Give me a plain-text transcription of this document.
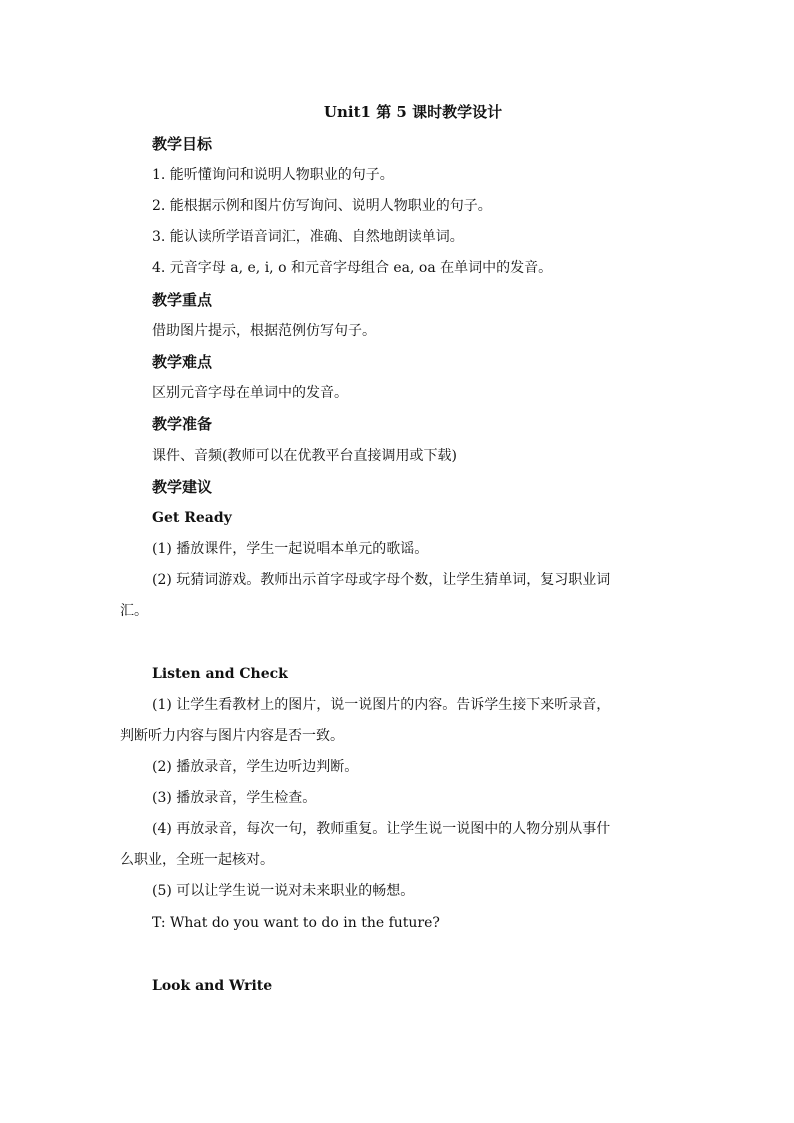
Unit1 第 5 课时教学设计
教学目标
1. 能听懂询问和说明人物职业的句子。
2. 能根据示例和图片仿写询问、说明人物职业的句子。
3. 能认读所学语音词汇，准确、自然地朗读单词。
4. 元音字母 a, e, i, o 和元音字母组合 ea, oa 在单词中的发音。
教学重点
借助图片提示，根据范例仿写句子。
教学难点
区别元音字母在单词中的发音。
教学准备
课件、音频(教师可以在优教平台直接调用或下载)
教学建议
Get Ready
(1) 播放课件，学生一起说唱本单元的歌谣。
(2) 玩猜词游戏。教师出示首字母或字母个数，让学生猜单词，复习职业词
汇。
Listen and Check
(1) 让学生看教材上的图片，说一说图片的内容。告诉学生接下来听录音，
判断听力内容与图片内容是否一致。
(2) 播放录音，学生边听边判断。
(3) 播放录音，学生检查。
(4) 再放录音，每次一句，教师重复。让学生说一说图中的人物分别从事什
么职业，全班一起核对。
(5) 可以让学生说一说对未来职业的畅想。
T: What do you want to do in the future?
Look and Write
